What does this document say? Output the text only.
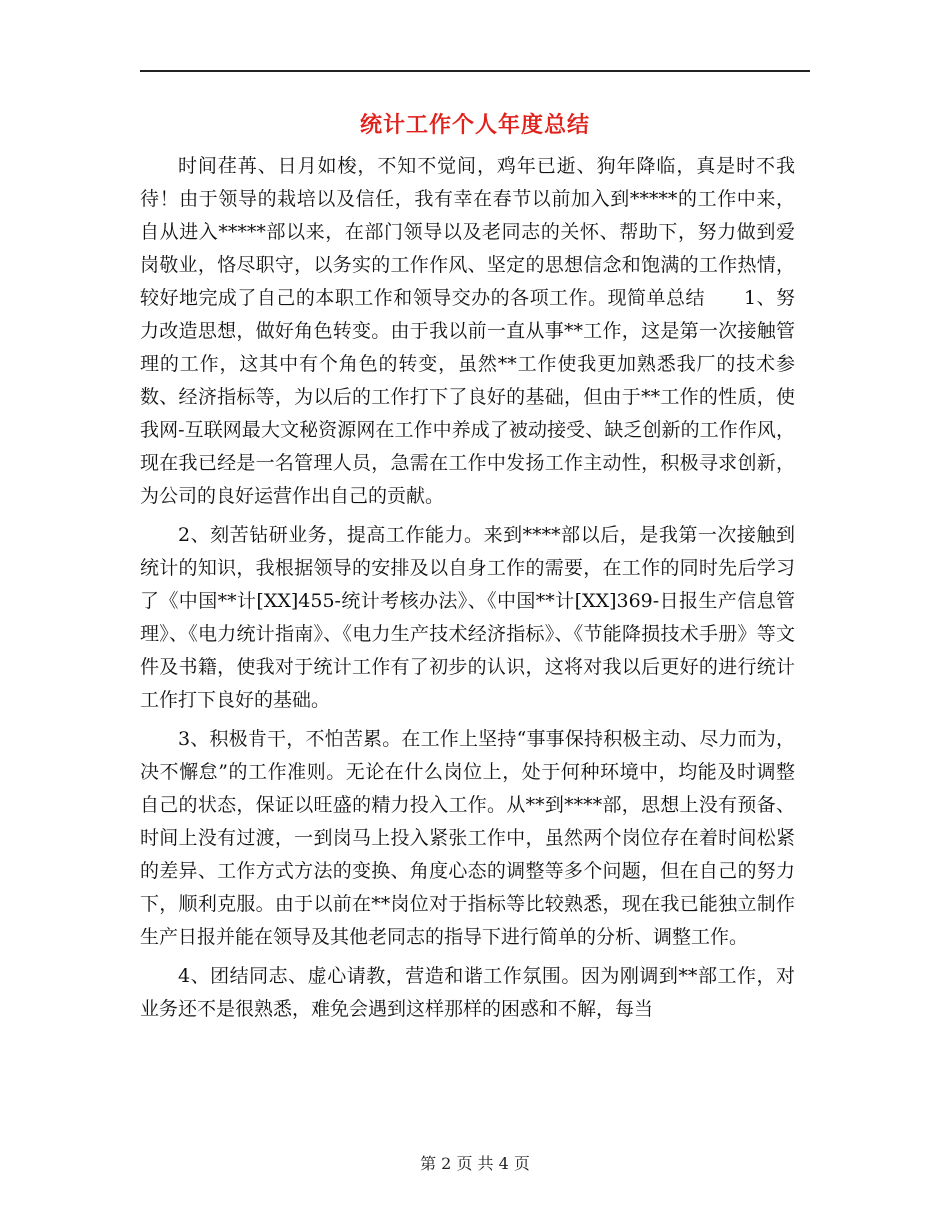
统计工作个人年度总结

时间荏苒、日月如梭，不知不觉间，鸡年已逝、狗年降临，真是时不我待！由于领导的栽培以及信任，我有幸在春节以前加入到*****的工作中来，自从进入*****部以来，在部门领导以及老同志的关怀、帮助下，努力做到爱岗敬业，恪尽职守，以务实的工作作风、坚定的思想信念和饱满的工作热情，较好地完成了自己的本职工作和领导交办的各项工作。现简单总结　　1、努力改造思想，做好角色转变。由于我以前一直从事**工作，这是第一次接触管理的工作，这其中有个角色的转变，虽然**工作使我更加熟悉我厂的技术参数、经济指标等，为以后的工作打下了良好的基础，但由于**工作的性质，使我网-互联网最大文秘资源网在工作中养成了被动接受、缺乏创新的工作作风，现在我已经是一名管理人员，急需在工作中发扬工作主动性，积极寻求创新，为公司的良好运营作出自己的贡献。

2、刻苦钻研业务，提高工作能力。来到****部以后，是我第一次接触到统计的知识，我根据领导的安排及以自身工作的需要，在工作的同时先后学习了《中国**计[XX]455-统计考核办法》、《中国**计[XX]369-日报生产信息管理》、《电力统计指南》、《电力生产技术经济指标》、《节能降损技术手册》等文件及书籍，使我对于统计工作有了初步的认识，这将对我以后更好的进行统计工作打下良好的基础。

3、积极肯干，不怕苦累。在工作上坚持“事事保持积极主动、尽力而为，决不懈怠”的工作准则。无论在什么岗位上，处于何种环境中，均能及时调整自己的状态，保证以旺盛的精力投入工作。从**到****部，思想上没有预备、时间上没有过渡，一到岗马上投入紧张工作中，虽然两个岗位存在着时间松紧的差异、工作方式方法的变换、角度心态的调整等多个问题，但在自己的努力下，顺利克服。由于以前在**岗位对于指标等比较熟悉，现在我已能独立制作生产日报并能在领导及其他老同志的指导下进行简单的分析、调整工作。

4、团结同志、虚心请教，营造和谐工作氛围。因为刚调到**部工作，对业务还不是很熟悉，难免会遇到这样那样的困惑和不解，每当

第 2 页 共 4 页
